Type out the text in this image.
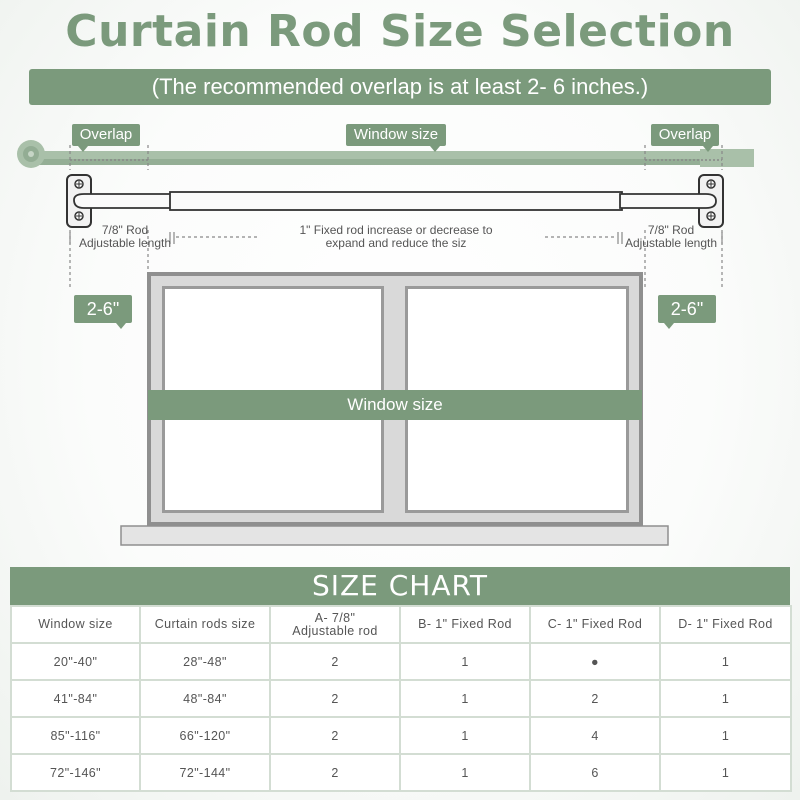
Curtain Rod Size Selection
(The recommended overlap is at least 2- 6 inches.)
Overlap	Window size	Overlap
7/8" Rod
Adjustable length
1" Fixed rod increase or decrease to
expand and reduce the siz
7/8" Rod
Adjustable length
2-6"	2-6"
Window size
SIZE CHART
Window size	Curtain rods size	A- 7/8" Adjustable rod	B- 1" Fixed Rod	C- 1" Fixed Rod	D- 1" Fixed Rod
20"-40"	28"-48"	2	1	●	1
41"-84"	48"-84"	2	1	2	1
85"-116"	66"-120"	2	1	4	1
72"-146"	72"-144"	2	1	6	1
